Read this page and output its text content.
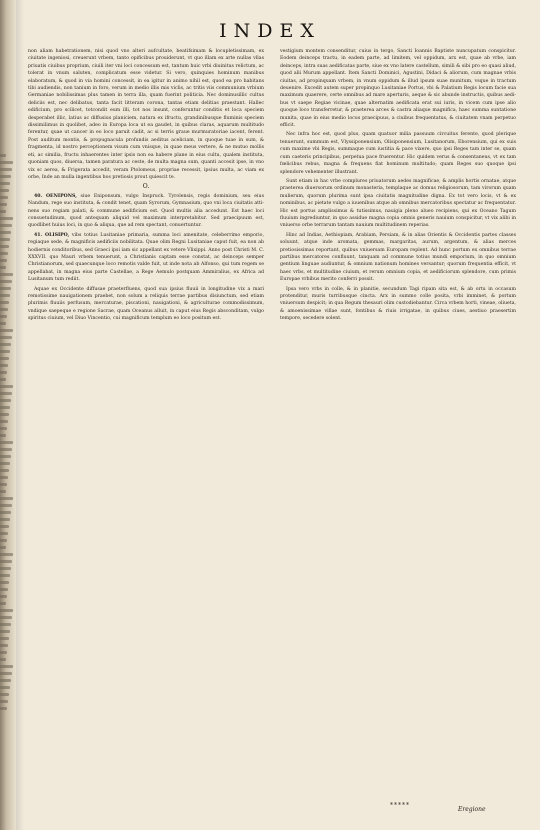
INDEX

non aliam habetrationem, nisi quod vno alteri aufcultate, beatifsimam & locupletissimam, ex ciuitate ingeniosi, creuerunt vrbem, tanto opificibus prouiderunt, vt quo illam ex arte nullas vllas priuatis ciuibus proprium, ciuili iter vni loci concessum est, tantum huic vrbi diuinitus relictum, ac tolerat in vnum saluten, complicatum esse videtur. Si vero, quinquies hominum manibus elaboratum, & quod in via homini concessit, in ea igitur in animo nihil est, quod ea pro habitans tibi audiendis, non tanium in foro, verum in medio illis mis viclis, ac tritis viis communium vrbium Germaniae nobilissimas plus tamen in terra illa, quam fuerint politicia. Nec dominusillic cultus deliciis est, nec delibatus, tanta facit litteram corona, tantas etiam delitias praestant. Hallec edificium, pro scilicet, totcondit eum illi, tot nos insunt, conferuntur conditis et loca speciem desperabet illic, latius ac diffusius planiciem, natura ex ifructu, grandinibusque fluminis speciem dissimilimus in quolibet, adeo in Europa loca ut ea gaudet, in quibus claras, aquarum multitudo ferentur, quae ut cancer in eo loco paruit cadit, ac si terris graue murmuratoriae iacent, ferent. Post auditum montis, & propugnacula profundis aeditus aceliciam, in quoque tuae in sum, & fragmenta, id nostro perceptionem visum cum vnisque, in quae meus vertere, & ne mutuo mollis eti, ac similia, fructu inhaerentes inter ipsis non ea habere plane in eius cultu, qualem instituta, quoniam quos, diuersa, tamen paratura ac ceste, de multa magna sum, quanti accesit ipse, in vno vix sc aerea, & Frigerata accedit, veram Ptolomeus, propriae recessit, ipsius multa, ac viam ex orbe, Inde an mulla ingentibus hos pretiosis prout quiescit te.

O.

40. OENIPONS, siue Eniponsum, vulgo Inspruck. Tyrolensis, regis dominium, seu eius Nandum, rege suo instituta, & condit tenet, quam Syrorum, Gymnasium, quo vni loca ciuitatis attinens suo regiam palati, & commune aedificium est. Quod multis alia accedunt. Est haec loci consuetudinum, quod antequam aliquid vel maximum interpretabitur. Sed praecipuum est, quodlibet huius loci, in quo & aliqua, que ad rem spectant, conuertuntur.

41. OLISIPO, vibs totius Lusitaniae primaria, summa loci amenitate, celeberrimo emporio, regiaque sede, & magnificis aedificiis nobilitata. Quae olim Regni Lusitaniae caput fuit, ea non ab hodiernis conditoribus, sed Graeci ipsi iam sic appellant ex vetere Vlixippi. Anno post Christi M. C. XXXVII. quo Mauri vrbem tenuerunt, a Christianis captam esse constat, ac deinceps semper Christianorum, sed quaecunque loco remotis valde fuit, ut inde nota ab Alfonso, qui tum regem se appellabat, in magna eius parte Castellae, a Rege Aemulo postquam Ammiralius, ex Africa ad Lusitanum tum rediit.

Aquae ex Occidente diffusae praeterfluens, quod sua ipsius fluuii in longitudine vix a mari remotissime nauigationem praebet, non solum a reliquis terrae partibus disiunctum, sed etiam plurimis fluuiis perfusum, mercaturae, piscationi, nauigationi, & agriculturae commodissimum, vndique saepeque e regione Sacrae, quam Oceanus alluit, in caput eius Regis absconditam, vulgo spiritus ciuium, vel Diuo Vincentio, cui magnificum templum eo loco positum est.

vestigium montem consenditur, cuius in tergo, Sancti Ioannis Baptiste nuncupatum conspicitur. Eodem deinceps tractu, in eadem parte, ad limitem, vel oppidum, arx est, quae ab vrbe, iam deinceps, intra suas aedificatas parte, siue ex vno latere castellum, simili & sibi pro eo quasi aliud, quod alii Murum appellant. Item Sancti Dominici, Agustini, Didaci & aliorum, cum magnae vrbis ciuitas, ad propinquam vrbem, in vnum oppidum & illud ipsum suae munitum, vsque in tractum deuenire. Excedit autem super propinquo Lusitaniae Portus, vbi & Palatium Regis locum facie sua maximum quaerere, certe omnibus ad mare aperturis, aeque & sic abunde instructis, quibus aedibus vt saepe Regiae vicinae, quae alternatim aedificata erat sui iuris, in vicem cum ipse alio quoque loco transferretur, & praeterea arces & castra aliaque magnifica, haec summa suntatione munita, quae in eius medio locus praecipuus, a ciuibus frequentatus, & ciuitatem vnam perpetuo efficit.

Nec infra hoc est, quod plus, quam quatuor milia passuum circuitus ferente, quod plerique tenuerunt, summum est, Vlyssiponensium, Olisiponensium, Lusitanorum, Eborensium, qui ex suis cum maxime vbi Regis, summaque cum iustitia & pace vixere, quo ipsi Reges tam inter se, quam cum caeteris principibus, perpetua pace fruerentur. Hic quidem verus & consentaneus, vt ex tam fœlicibus rebus, magna & frequens fiat hominum multitudo; quam Reges suo quoque ipsi splendore vehementer illustrant.

Sunt etiam in hac vrbe complures priuatorum aedes magnificae, & amplis hortis ornatae, atque praeterea diuersorum ordinum monasteria, templaque ac domus religiosorum, tam virorum quam mulierum, quorum plurima sunt ipsa ciuitatis magnitudine digna. Ex tot vero locis, vt & ex nominibus, ac pietate vulgo a iuuenibus atque ab omnibus mercatoribus spectatur ac frequentatur. Hic est portus amplissimus & tutissimus, nauigia pleno alueo recipiens, qui ex Oceano Tagum fluuium ingrediuntur, in quo assidue magna copia omnis generis nauium conspicitur, vt vix alibi in vniuerso orbe terrarum tantam nauium multitudinem reperias.

Hinc ad Indias, Aethiopiam, Arabiam, Persiam, & in alias Orientis & Occidentis partes classes soluunt, atque inde aromata, gemmas, margaritas, aurum, argentum, & alias merces pretiosissimas reportant, quibus vniuersam Europam replent. Ad hunc portum ex omnibus terrae partibus mercatores confluunt, tanquam ad commune totius mundi emporium, in quo omnium gentium linguae audiuntur, & omnium nationum homines versantur; quorum frequentia efficit, vt haec vrbs, et multitudine ciuium, et rerum omnium copia, et aedificiorum splendore, cum primis Europae vrbibus merito conferri possit.

Ipsa vero vrbs in colle, & in planitie, secundum Tagi ripam sita est, & ab ortu in occasum protenditur, muris turribusque cincta. Arx in summo colle posita, vrbi imminet, & portum vniuersum despicit; in qua Regum thesauri olim custodiebantur. Circa vrbem horti, vineae, oliueta, & amoenissimae villae sunt, fontibus & riuis irrigatae, in quibus ciues, aestiuo praesertim tempore, secedere solent.

*****
Eregione
